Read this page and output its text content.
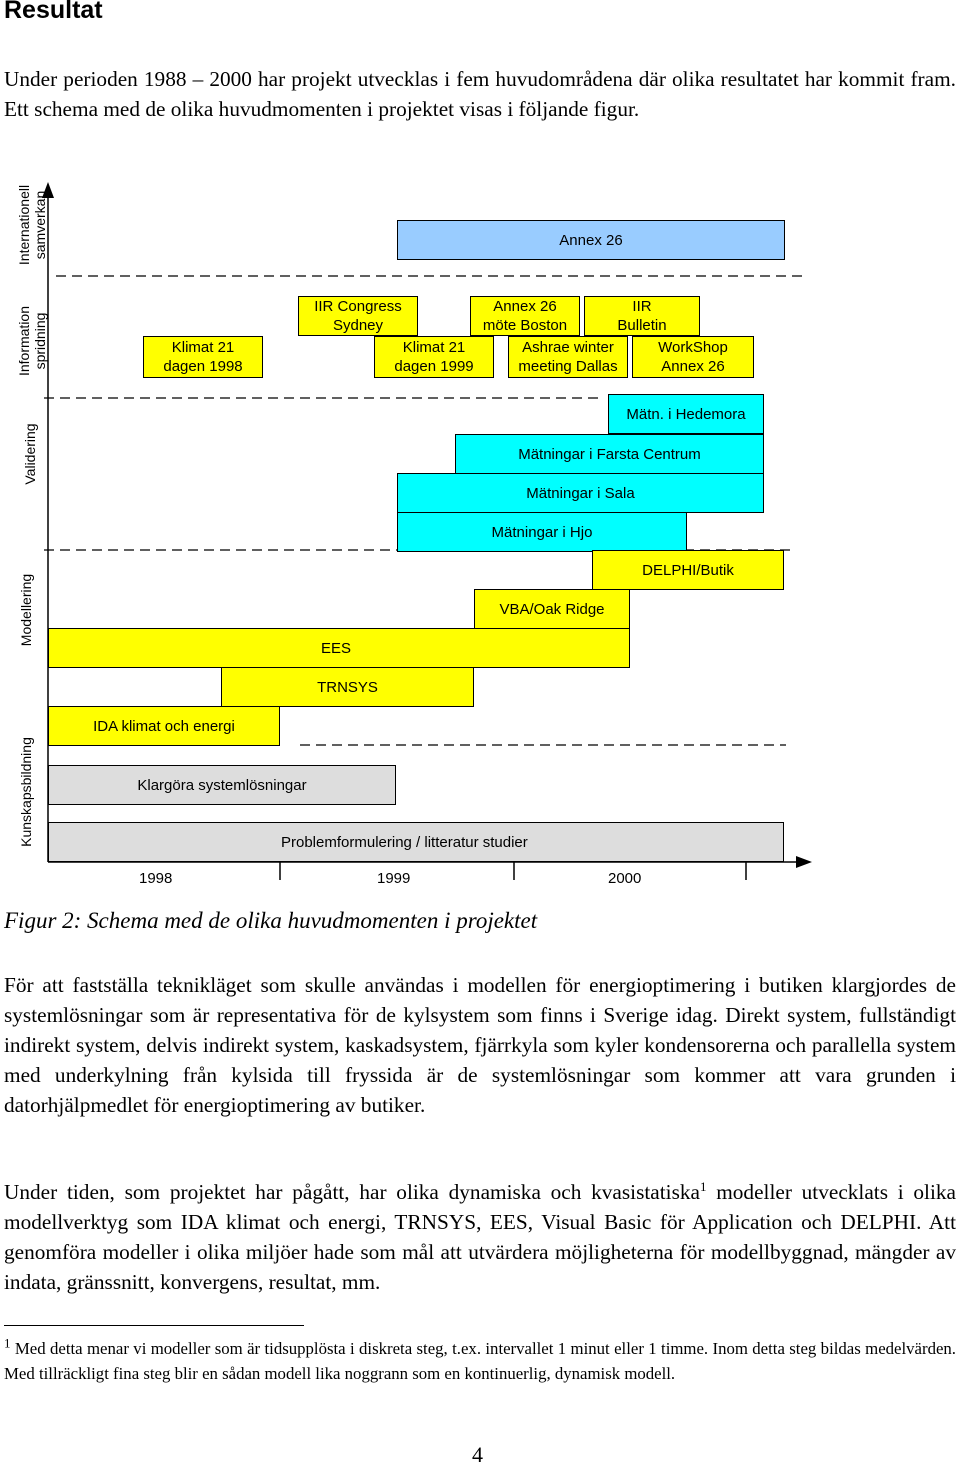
Resultat

Under perioden 1988 – 2000 har projekt utvecklas i fem huvudområdena där olika resultatet har kommit fram. Ett schema med de olika huvudmomenten i projektet visas i följande figur.

Internationell
samverkan
Information
spridning
Validering
Modellering
Kunskapsbildning
Annex 26
Klimat 21
dagen 1998
IIR Congress
Sydney
Klimat 21
dagen 1999
Annex 26
möte Boston
Ashrae winter
meeting Dallas
IIR
Bulletin
WorkShop
Annex 26
Mätn. i Hedemora
Mätningar i Farsta Centrum
Mätningar i Sala
Mätningar i Hjo
DELPHI/Butik
VBA/Oak Ridge
EES
TRNSYS
IDA klimat och energi
Klargöra systemlösningar
Problemformulering / litteratur studier
1998	1999	2000

Figur 2: Schema med de olika huvudmomenten i projektet

För att fastställa teknikläget som skulle användas i modellen för energioptimering i butiken klargjordes de systemlösningar som är representativa för de kylsystem som finns i Sverige idag. Direkt system, fullständigt indirekt system, delvis indirekt system, kaskadsystem, fjärrkyla som kyler kondensorerna och parallella system med underkylning från kylsida till fryssida är de systemlösningar som kommer att vara grunden i datorhjälpmedlet för energioptimering av butiker.

Under tiden, som projektet har pågått, har olika dynamiska och kvasistatiska$^1$ modeller utvecklats i olika modellverktyg som IDA klimat och energi, TRNSYS, EES, Visual Basic för Application och DELPHI. Att genomföra modeller i olika miljöer hade som mål att utvärdera möjligheterna för modellbyggnad, mängder av indata, gränssnitt, konvergens, resultat, mm.

$^1$ Med detta menar vi modeller som är tidsupplösta i diskreta steg, t.ex. intervallet 1 minut eller 1 timme. Inom detta steg bildas medelvärden. Med tillräckligt fina steg blir en sådan modell lika noggrann som en kontinuerlig, dynamisk modell.

4
